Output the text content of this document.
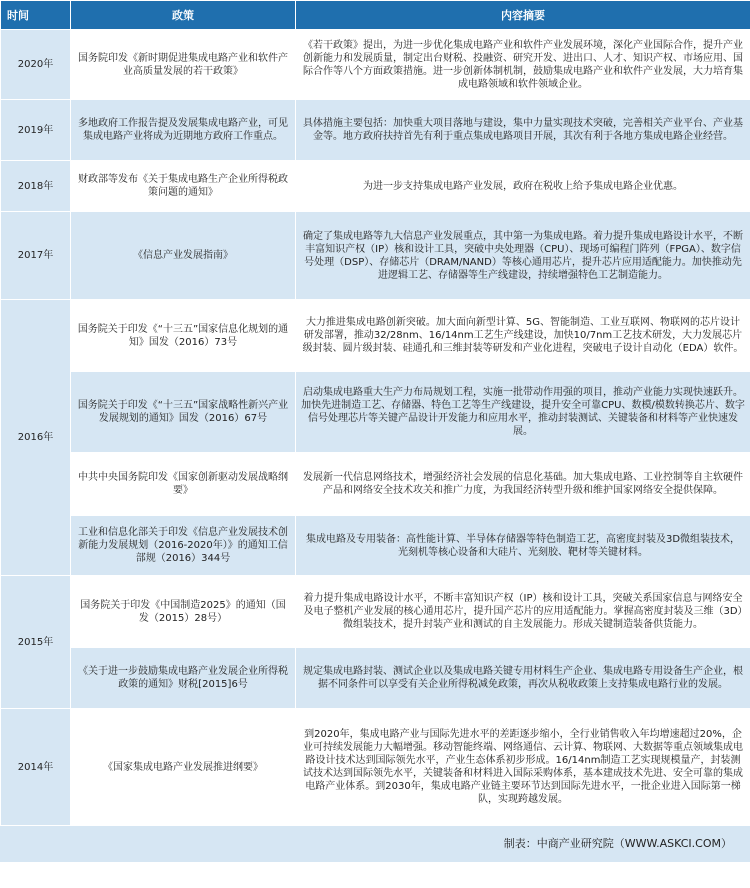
时间	政策	内容摘要
2020年	国务院印发《新时期促进集成电路产业和软件产业高质量发展的若干政策》	《若干政策》提出，为进一步优化集成电路产业和软件产业发展环境，深化产业国际合作，提升产业创新能力和发展质量，制定出台财税、投融资、研究开发、进出口、人才、知识产权、市场应用、国际合作等八个方面政策措施。进一步创新体制机制，鼓励集成电路产业和软件产业发展，大力培育集成电路领域和软件领域企业。
2019年	多地政府工作报告提及发展集成电路产业，可见集成电路产业将成为近期地方政府工作重点。	具体措施主要包括：加快重大项目落地与建设，集中力量实现技术突破，完善相关产业平台、产业基金等。地方政府扶持首先有利于重点集成电路项目开展，其次有利于各地方集成电路企业经营。
2018年	财政部等发布《关于集成电路生产企业所得税政策问题的通知》	为进一步支持集成电路产业发展，政府在税收上给予集成电路企业优惠。
2017年	《信息产业发展指南》	确定了集成电路等九大信息产业发展重点，其中第一为集成电路。着力提升集成电路设计水平，不断丰富知识产权（IP）核和设计工具，突破中央处理器（CPU）、现场可编程门阵列（FPGA）、数字信号处理（DSP）、存储芯片（DRAM/NAND）等核心通用芯片，提升芯片应用适配能力。加快推动先进逻辑工艺、存储器等生产线建设，持续增强特色工艺制造能力。
2016年	国务院关于印发《“十三五”国家信息化规划的通知》国发（2016）73号	大力推进集成电路创新突破。加大面向新型计算、5G、智能制造、工业互联网、物联网的芯片设计研发部署，推动32/28nm、16/14nm工艺生产线建设，加快10/7nm工艺技术研发，大力发展芯片级封装、圆片级封装、硅通孔和三维封装等研发和产业化进程，突破电子设计自动化（EDA）软件。
	国务院关于印发《“十三五”国家战略性新兴产业发展规划的通知》国发（2016）67号	启动集成电路重大生产力布局规划工程，实施一批带动作用强的项目，推动产业能力实现快速跃升。加快先进制造工艺、存储器、特色工艺等生产线建设，提升安全可靠CPU、数模/模数转换芯片、数字信号处理芯片等关键产品设计开发能力和应用水平，推动封装测试、关键装备和材料等产业快速发展。
	中共中央国务院印发《国家创新驱动发展战略纲要》	发展新一代信息网络技术，增强经济社会发展的信息化基础。加大集成电路、工业控制等自主软硬件产品和网络安全技术攻关和推广力度，为我国经济转型升级和维护国家网络安全提供保障。
	工业和信息化部关于印发《信息产业发展技术创新能力发展规划（2016-2020年）》的通知工信部规（2016）344号	集成电路及专用装备：高性能计算、半导体存储器等特色制造工艺，高密度封装及3D微组装技术，光刻机等核心设备和大硅片、光刻胶、靶材等关键材料。
2015年	国务院关于印发《中国制造2025》的通知（国发（2015）28号）	着力提升集成电路设计水平，不断丰富知识产权（IP）核和设计工具，突破关系国家信息与网络安全及电子整机产业发展的核心通用芯片，提升国产芯片的应用适配能力。掌握高密度封装及三维（3D）微组装技术，提升封装产业和测试的自主发展能力。形成关键制造装备供货能力。
	《关于进一步鼓励集成电路产业发展企业所得税政策的通知》财税[2015]6号	规定集成电路封装、测试企业以及集成电路关键专用材料生产企业、集成电路专用设备生产企业，根据不同条件可以享受有关企业所得税减免政策，再次从税收政策上支持集成电路行业的发展。
2014年	《国家集成电路产业发展推进纲要》	到2020年，集成电路产业与国际先进水平的差距逐步缩小，全行业销售收入年均增速超过20%，企业可持续发展能力大幅增强。移动智能终端、网络通信、云计算、物联网、大数据等重点领域集成电路设计技术达到国际领先水平，产业生态体系初步形成。16/14nm制造工艺实现规模量产，封装测试技术达到国际领先水平，关键装备和材料进入国际采购体系，基本建成技术先进、安全可靠的集成电路产业体系。到2030年，集成电路产业链主要环节达到国际先进水平，一批企业进入国际第一梯队，实现跨越发展。
制表：中商产业研究院（WWW.ASKCI.COM）
